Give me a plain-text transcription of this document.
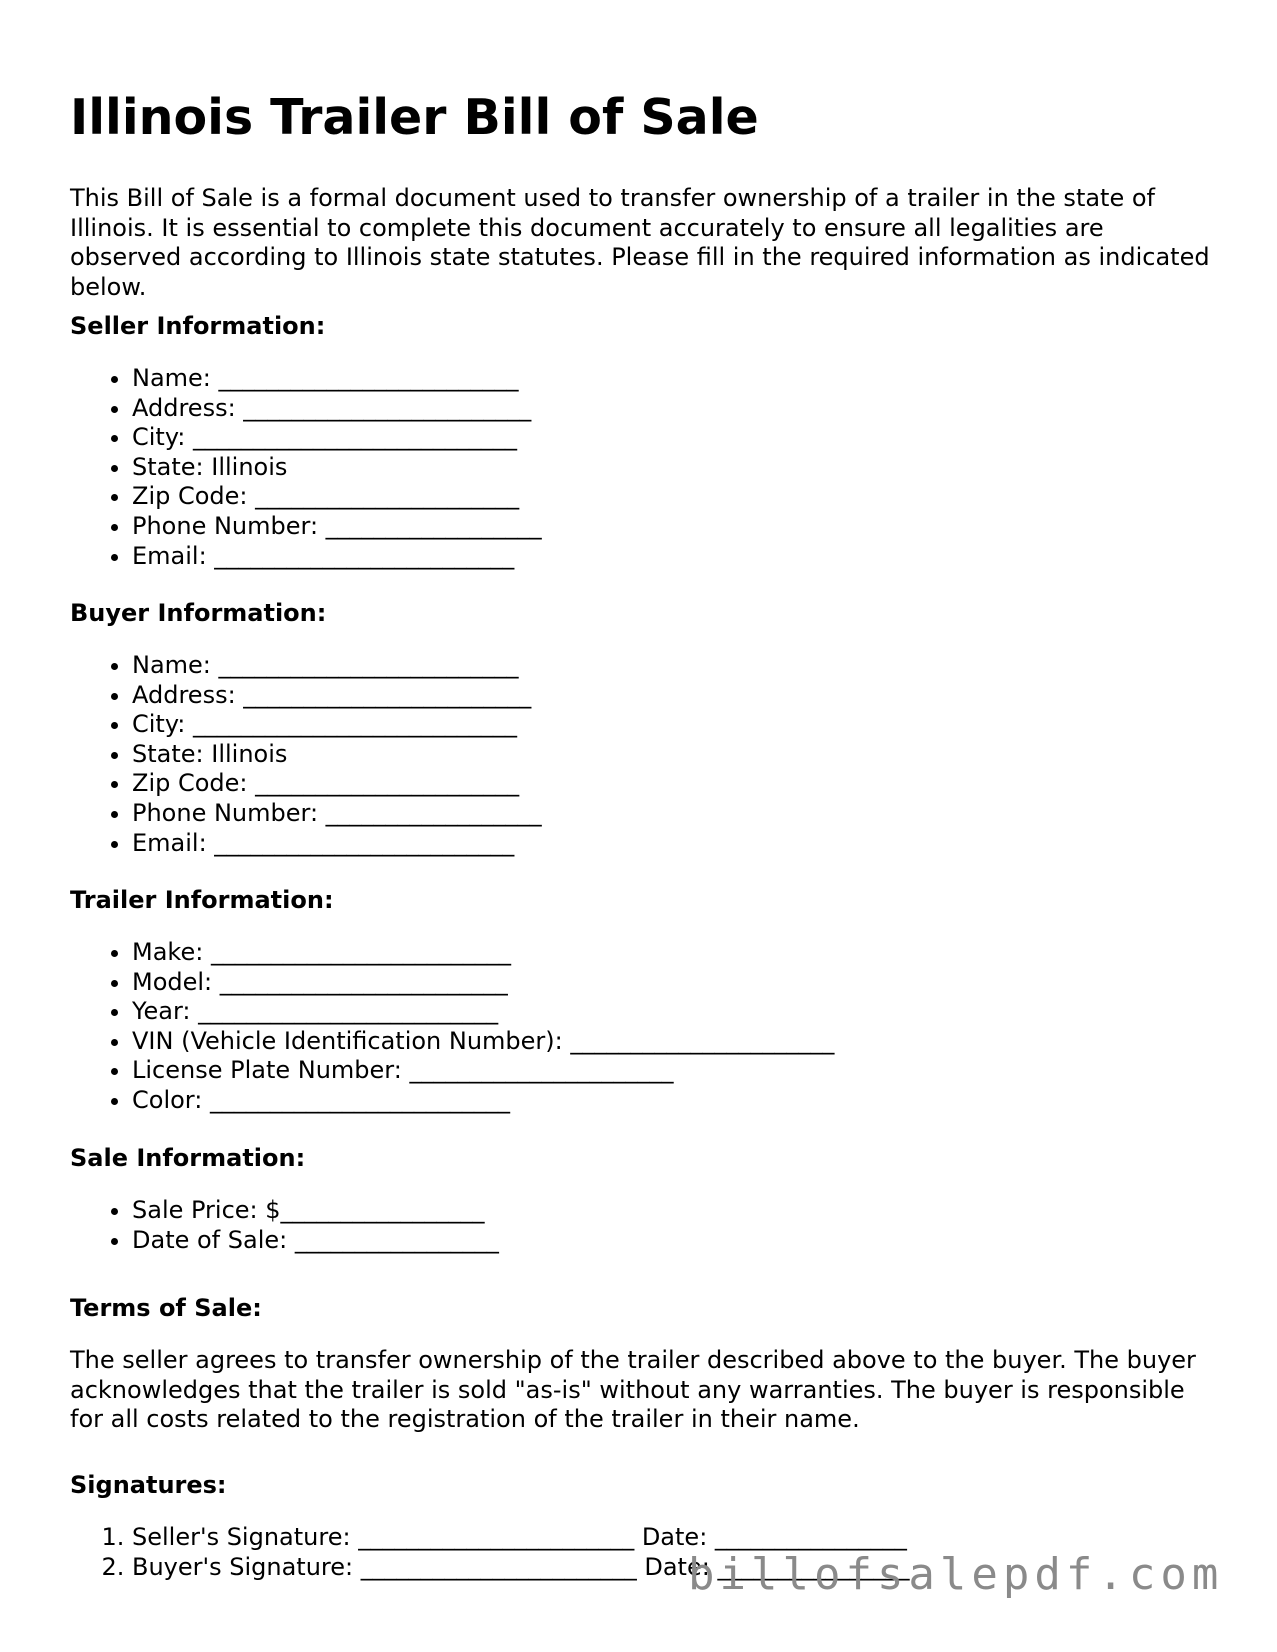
Illinois Trailer Bill of Sale

This Bill of Sale is a formal document used to transfer ownership of a trailer in the state of Illinois. It is essential to complete this document accurately to ensure all legalities are observed according to Illinois state statutes. Please fill in the required information as indicated below.

Seller Information:
• Name: _________________________
• Address: ________________________
• City: ___________________________
• State: Illinois
• Zip Code: ______________________
• Phone Number: __________________
• Email: _________________________
Buyer Information:
• Name: _________________________
• Address: ________________________
• City: ___________________________
• State: Illinois
• Zip Code: ______________________
• Phone Number: __________________
• Email: _________________________
Trailer Information:
• Make: _________________________
• Model: ________________________
• Year: _________________________
• VIN (Vehicle Identification Number): ______________________
• License Plate Number: ______________________
• Color: _________________________
Sale Information:
• Sale Price: $_________________
• Date of Sale: _________________
Terms of Sale:

The seller agrees to transfer ownership of the trailer described above to the buyer. The buyer acknowledges that the trailer is sold "as-is" without any warranties. The buyer is responsible for all costs related to the registration of the trailer in their name.

Signatures:
1. Seller's Signature: _______________________ Date: ________________
2. Buyer's Signature: _______________________ Date: ________________
billofsalepdf.com
